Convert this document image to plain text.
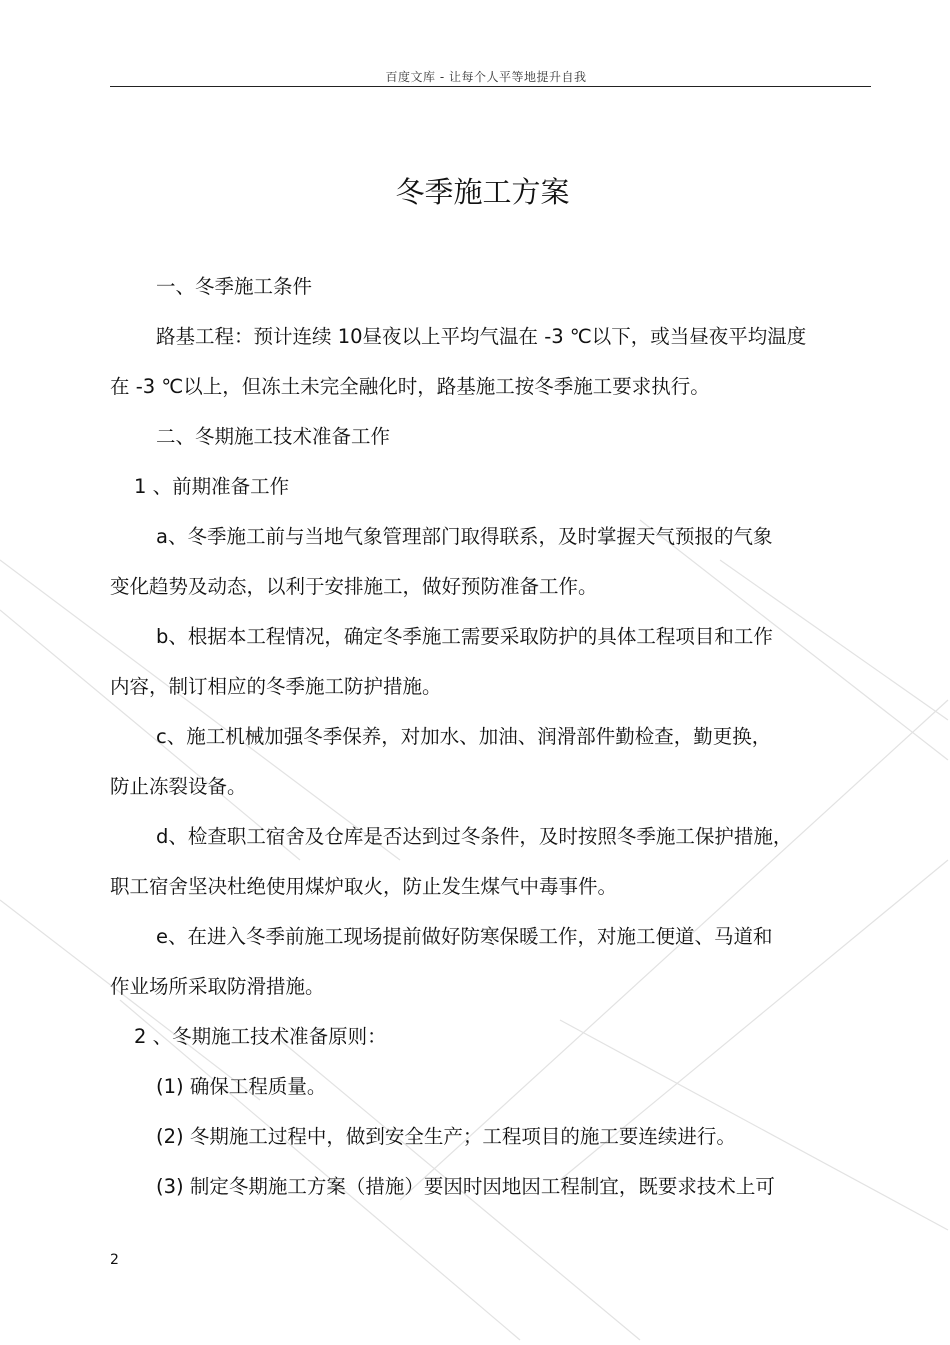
百度文库 - 让每个人平等地提升自我
冬季施工方案
一、冬季施工条件
路基工程：预计连续 10昼夜以上平均气温在 -3 ℃以下，或当昼夜平均温度
在 -3 ℃以上，但冻土未完全融化时，路基施工按冬季施工要求执行。
二、冬期施工技术准备工作
1 、前期准备工作
a、冬季施工前与当地气象管理部门取得联系，及时掌握天气预报的气象
变化趋势及动态，以利于安排施工，做好预防准备工作。
b、根据本工程情况，确定冬季施工需要采取防护的具体工程项目和工作
内容，制订相应的冬季施工防护措施。
c、施工机械加强冬季保养，对加水、加油、润滑部件勤检查，勤更换，
防止冻裂设备。
d、检查职工宿舍及仓库是否达到过冬条件，及时按照冬季施工保护措施，
职工宿舍坚决杜绝使用煤炉取火，防止发生煤气中毒事件。
e、在进入冬季前施工现场提前做好防寒保暖工作，对施工便道、马道和
作业场所采取防滑措施。
2 、冬期施工技术准备原则：
(1) 确保工程质量。
(2) 冬期施工过程中，做到安全生产；工程项目的施工要连续进行。
(3) 制定冬期施工方案（措施）要因时因地因工程制宜，既要求技术上可
2
